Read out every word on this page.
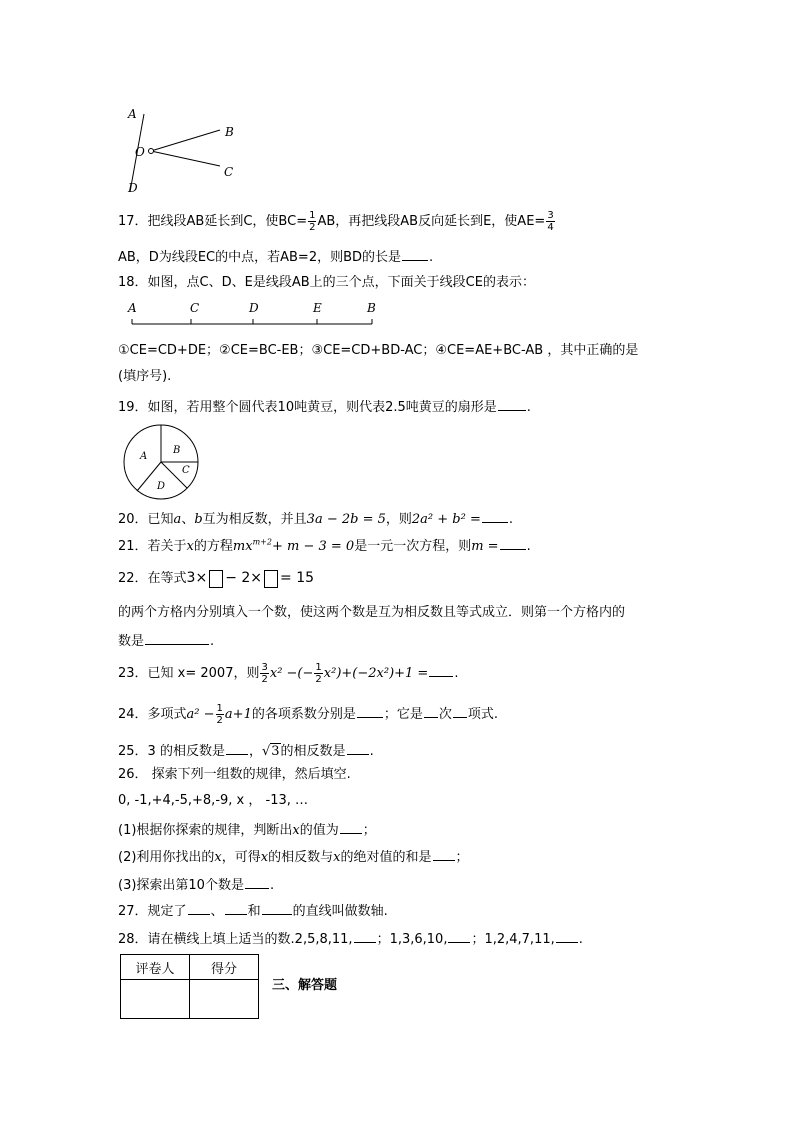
A
B
O
C
D
17．把线段AB延长到C，使$BC= \frac{1}{2}$ AB，再把线段AB反向延长到E，使$AE= \frac{3}{4}$
AB，D为线段EC的中点，若AB=2，则BD的长是 .
18．如图，点C、D、E是线段AB上的三个点，下面关于线段CE的表示：
A	C	D	E	B
①CE=CD+DE；②CE=BC-EB；③CE=CD+BD-AC；④CE=AE+BC-AB ，其中正确的是
(填序号).
19．如图，若用整个圆代表10吨黄豆，则代表2.5吨黄豆的扇形是 .
A
B
C
D
20．已知a、b互为相反数，并且3a − 2b = 5，则2a² + b² = .
21．若关于x的方程$mx^{m+2}+ m - 3 = 0$是一元一次方程，则m = .
22．在等式3× − 2× = 15
的两个方格内分别填入一个数，使这两个数是互为相反数且等式成立．则第一个方格内的
数是	.
23．已知 x= 2007，则 $\frac{3}{2} x^2$ −(− $\frac{1}{2} x^2)+(-2x^2)+1$ = .
24．多项式$a^2 - \frac{1}{2} a+1$的各项系数分别是 ；它是 次 项式.
25．3 的相反数是 ，√3的相反数是 .
26． 探索下列一组数的规律，然后填空.
0, -1,+4,-5,+8,-9, x ， -13, …
(1)根据你探索的规律，判断出x的值为 ；
(2)利用你找出的x，可得x的相反数与x的绝对值的和是 ；
(3)探索出第10个数是 .
27．规定了 、 和 的直线叫做数轴.
28．请在横线上填上适当的数.2,5,8,11, ；1,3,6,10, ；1,2,4,7,11, .
评卷人	得分

三、解答题
